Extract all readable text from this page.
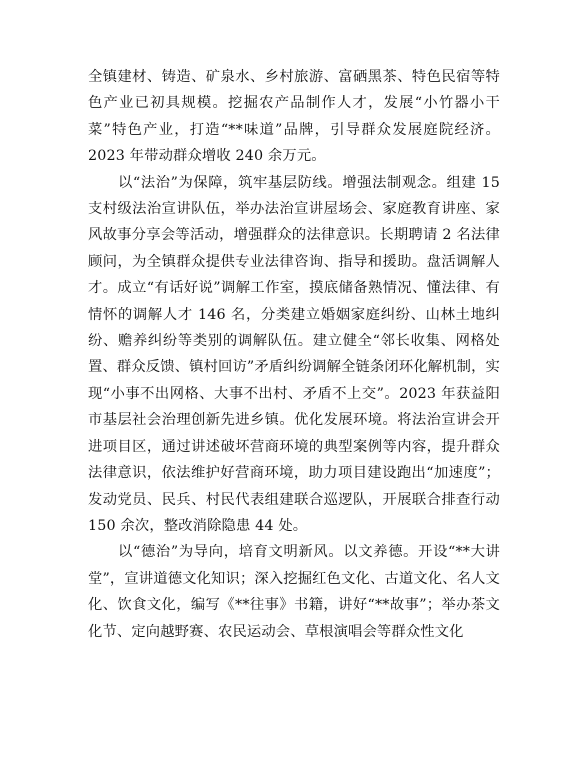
全镇建材、铸造、矿泉水、乡村旅游、富硒黑茶、特色民宿等特色产业已初具规模。挖掘农产品制作人才，发展“小竹器小干菜”特色产业，打造“**味道”品牌，引导群众发展庭院经济。2023 年带动群众增收 240 余万元。

以“法治”为保障，筑牢基层防线。增强法制观念。组建 15 支村级法治宣讲队伍，举办法治宣讲屋场会、家庭教育讲座、家风故事分享会等活动，增强群众的法律意识。长期聘请 2 名法律顾问，为全镇群众提供专业法律咨询、指导和援助。盘活调解人才。成立“有话好说”调解工作室，摸底储备熟情况、懂法律、有情怀的调解人才 146 名，分类建立婚姻家庭纠纷、山林土地纠纷、赡养纠纷等类别的调解队伍。建立健全“邻长收集、网格处置、群众反馈、镇村回访”矛盾纠纷调解全链条闭环化解机制，实现“小事不出网格、大事不出村、矛盾不上交”。2023 年获益阳市基层社会治理创新先进乡镇。优化发展环境。将法治宣讲会开进项目区，通过讲述破坏营商环境的典型案例等内容，提升群众法律意识，依法维护好营商环境，助力项目建设跑出“加速度”；发动党员、民兵、村民代表组建联合巡逻队，开展联合排查行动 150 余次，整改消除隐患 44 处。

以“德治”为导向，培育文明新风。以文养德。开设“**大讲堂”，宣讲道德文化知识；深入挖掘红色文化、古道文化、名人文化、饮食文化，编写《**往事》书籍，讲好“**故事”；举办茶文化节、定向越野赛、农民运动会、草根演唱会等群众性文化
